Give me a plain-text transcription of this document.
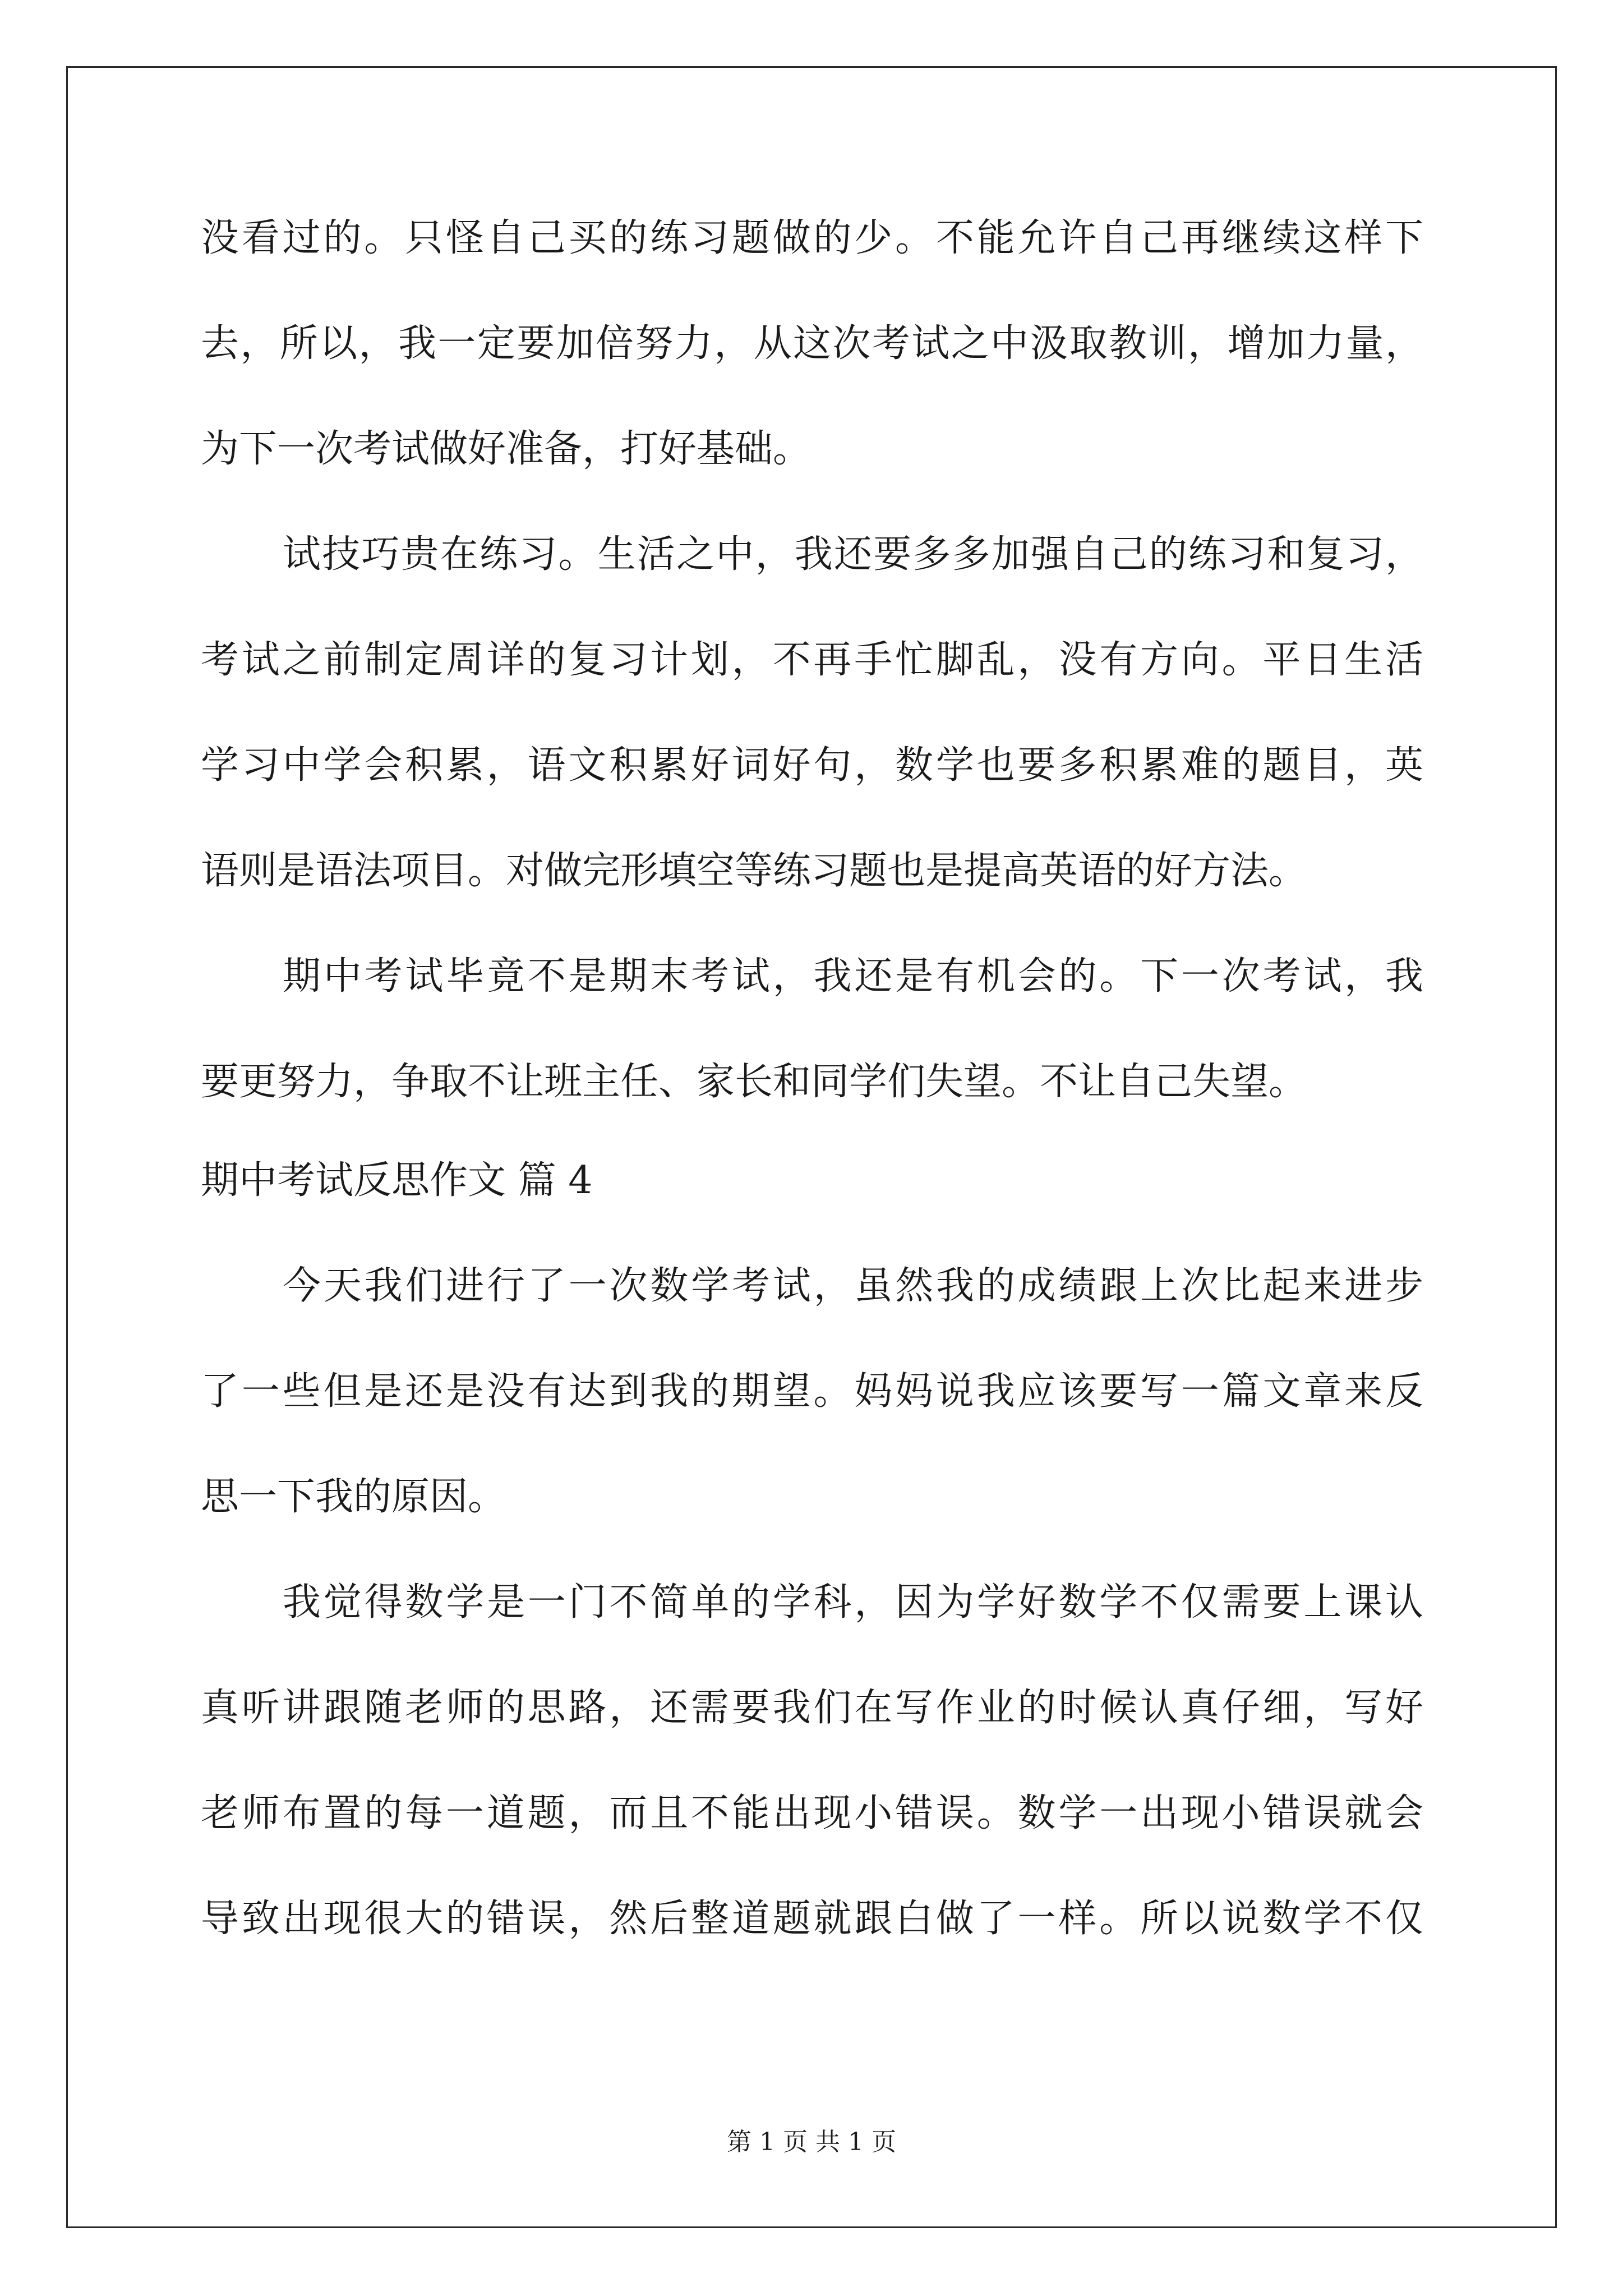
没看过的。只怪自己买的练习题做的少。不能允许自己再继续这样下
去，所以，我一定要加倍努力，从这次考试之中汲取教训，增加力量，
为下一次考试做好准备，打好基础。
试技巧贵在练习。生活之中，我还要多多加强自己的练习和复习，
考试之前制定周详的复习计划，不再手忙脚乱，没有方向。平日生活
学习中学会积累，语文积累好词好句，数学也要多积累难的题目，英
语则是语法项目。对做完形填空等练习题也是提高英语的好方法。
期中考试毕竟不是期末考试，我还是有机会的。下一次考试，我
要更努力，争取不让班主任、家长和同学们失望。不让自己失望。
期中考试反思作文 篇 4
今天我们进行了一次数学考试，虽然我的成绩跟上次比起来进步
了一些但是还是没有达到我的期望。妈妈说我应该要写一篇文章来反
思一下我的原因。
我觉得数学是一门不简单的学科，因为学好数学不仅需要上课认
真听讲跟随老师的思路，还需要我们在写作业的时候认真仔细，写好
老师布置的每一道题，而且不能出现小错误。数学一出现小错误就会
导致出现很大的错误，然后整道题就跟白做了一样。所以说数学不仅
第 1 页 共 1 页
